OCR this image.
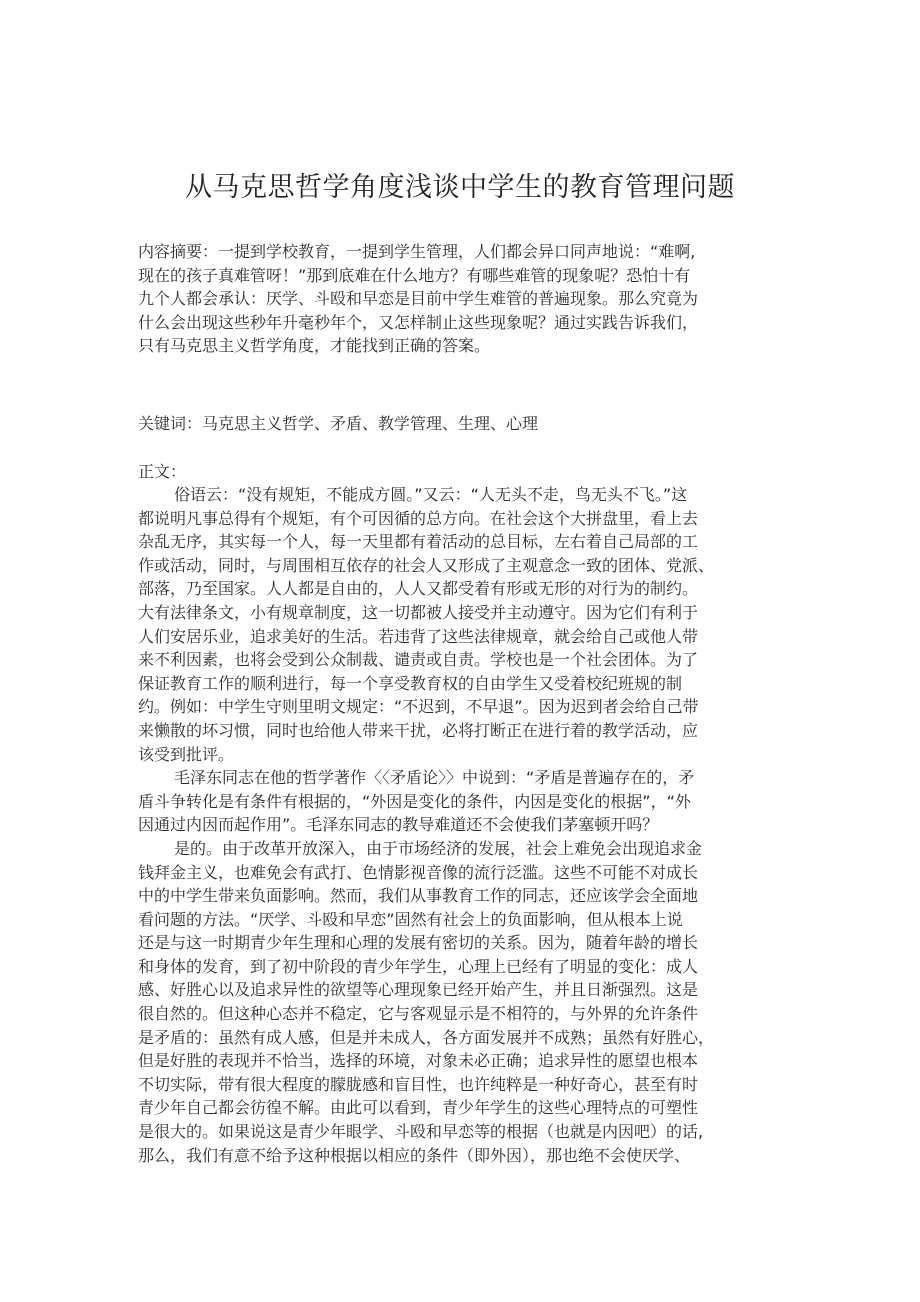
从马克思哲学角度浅谈中学生的教育管理问题
内容摘要：一提到学校教育，一提到学生管理，人们都会异口同声地说：“难啊,
现在的孩子真难管呀！”那到底难在什么地方？有哪些难管的现象呢？恐怕十有
九个人都会承认：厌学、斗殴和早恋是目前中学生难管的普遍现象。那么究竟为
什么会出现这些秒年升毫秒年个，又怎样制止这些现象呢？通过实践告诉我们，
只有马克思主义哲学角度，才能找到正确的答案。
关键词：马克思主义哲学、矛盾、教学管理、生理、心理
正文：
俗语云：“没有规矩，不能成方圆。”又云：“人无头不走，鸟无头不飞。”这
都说明凡事总得有个规矩，有个可因循的总方向。在社会这个大拼盘里，看上去
杂乱无序，其实每一个人，每一天里都有着活动的总目标，左右着自己局部的工
作或活动，同时，与周围相互依存的社会人又形成了主观意念一致的团体、党派、
部落，乃至国家。人人都是自由的，人人又都受着有形或无形的对行为的制约。
大有法律条文，小有规章制度，这一切都被人接受并主动遵守。因为它们有利于
人们安居乐业，追求美好的生活。若违背了这些法律规章，就会给自己或他人带
来不利因素，也将会受到公众制裁、谴责或自责。学校也是一个社会团体。为了
保证教育工作的顺利进行，每一个享受教育权的自由学生又受着校纪班规的制
约。例如：中学生守则里明文规定：“不迟到，不早退”。因为迟到者会给自己带
来懒散的坏习惯，同时也给他人带来干扰，必将打断正在进行着的教学活动，应
该受到批评。
毛泽东同志在他的哲学著作〈〈矛盾论〉〉中说到：“矛盾是普遍存在的，矛
盾斗争转化是有条件有根据的，“外因是变化的条件，内因是变化的根据”，“外
因通过内因而起作用”。毛泽东同志的教导难道还不会使我们茅塞顿开吗？
是的。由于改革开放深入，由于市场经济的发展，社会上难免会出现追求金
钱拜金主义，也难免会有武打、色情影视音像的流行泛滥。这些不可能不对成长
中的中学生带来负面影响。然而，我们从事教育工作的同志，还应该学会全面地
看问题的方法。“厌学、斗殴和早恋”固然有社会上的负面影响，但从根本上说
还是与这一时期青少年生理和心理的发展有密切的关系。因为，随着年龄的增长
和身体的发育，到了初中阶段的青少年学生，心理上已经有了明显的变化：成人
感、好胜心以及追求异性的欲望等心理现象已经开始产生，并且日渐强烈。这是
很自然的。但这种心态并不稳定，它与客观显示是不相符的，与外界的允许条件
是矛盾的：虽然有成人感，但是并未成人，各方面发展并不成熟；虽然有好胜心，
但是好胜的表现并不恰当，选择的环境，对象未必正确；追求异性的愿望也根本
不切实际，带有很大程度的朦胧感和盲目性，也许纯粹是一种好奇心，甚至有时
青少年自己都会彷徨不解。由此可以看到，青少年学生的这些心理特点的可塑性
是很大的。如果说这是青少年眼学、斗殴和早恋等的根据（也就是内因吧）的话,
那么，我们有意不给予这种根据以相应的条件（即外因），那也绝不会使厌学、
